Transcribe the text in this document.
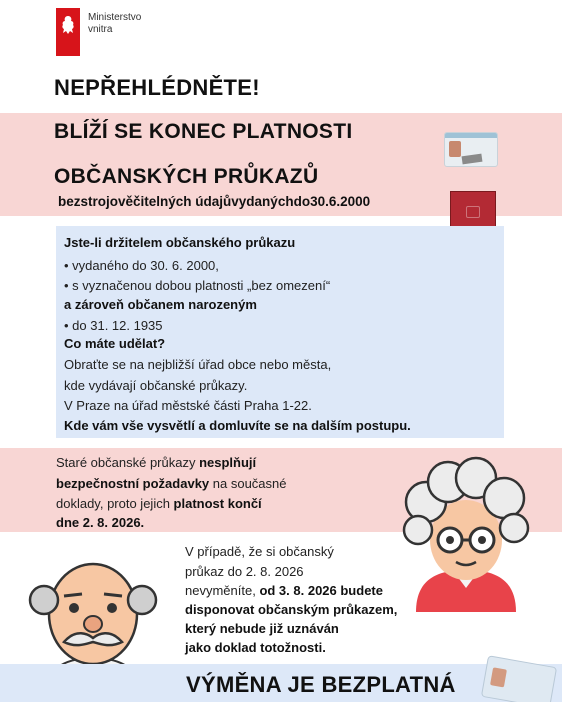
Ministerstvo
vnitra
NEPŘEHLÉDNĚTE!
BLÍŽÍ SE KONEC PLATNOSTI
OBČANSKÝCH PRŮKAZŮ
bezstrojověčitelných údajůvydanýchdo30.6.2000
Jste-li držitelem občanského průkazu
• vydaného do 30. 6. 2000,
• s vyznačenou dobou platnosti „bez omezení“
a zároveň občanem narozeným
• do 31. 12. 1935
Co máte udělat?
Obraťte se na nejbližší úřad obce nebo města,
kde vydávají občanské průkazy.
V Praze na úřad městské části Praha 1-22.
Kde vám vše vysvětlí a domluvíte se na dalším postupu.
Staré občanské průkazy nesplňují
bezpečnostní požadavky na současné
doklady, proto jejich platnost končí
dne 2. 8. 2026.
V případě, že si občanský
průkaz do 2. 8. 2026
nevyměníte, od 3. 8. 2026 budete
disponovat občanským průkazem,
který nebude již uznáván
jako doklad totožnosti.
VÝMĚNA JE BEZPLATNÁ
